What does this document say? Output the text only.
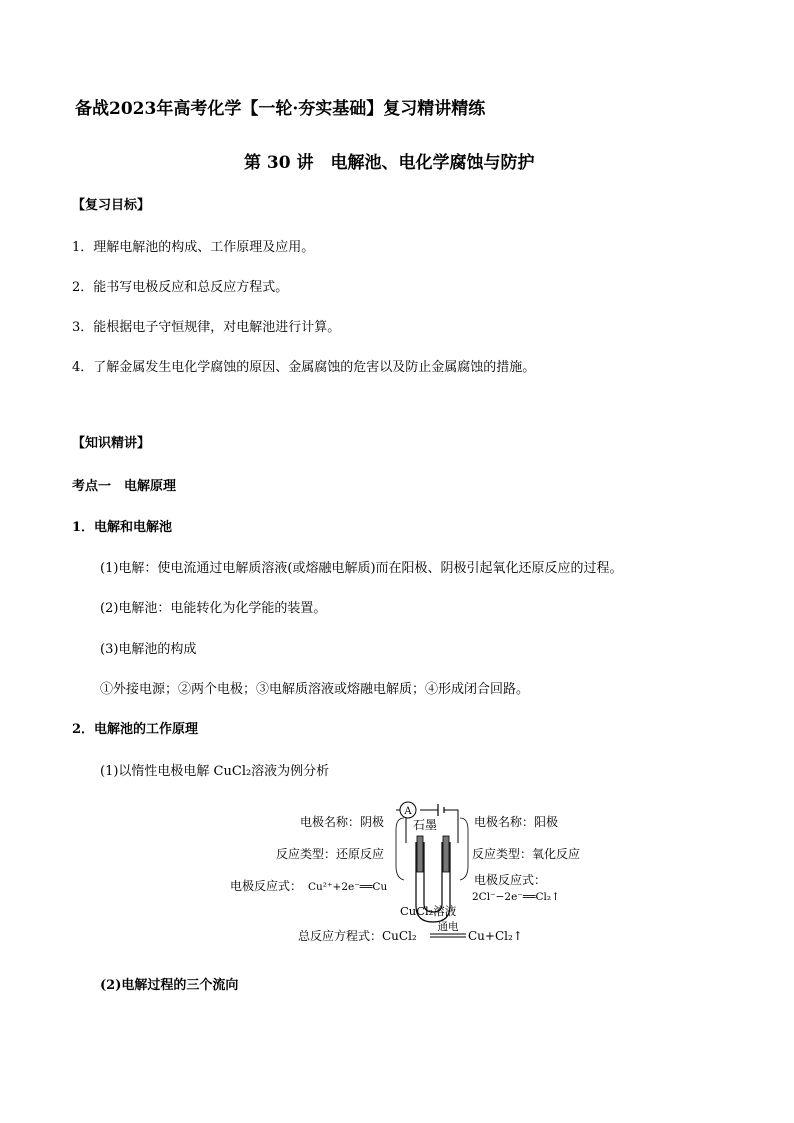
备战2023年高考化学【一轮·夯实基础】复习精讲精练
第 30 讲　电解池、电化学腐蚀与防护
【复习目标】
1．理解电解池的构成、工作原理及应用。
2．能书写电极反应和总反应方程式。
3．能根据电子守恒规律，对电解池进行计算。
4．了解金属发生电化学腐蚀的原因、金属腐蚀的危害以及防止金属腐蚀的措施。
【知识精讲】
考点一　电解原理
1．电解和电解池
(1)电解：使电流通过电解质溶液(或熔融电解质)而在阳极、阴极引起氧化还原反应的过程。
(2)电解池：电能转化为化学能的装置。
(3)电解池的构成
①外接电源；②两个电极；③电解质溶液或熔融电解质；④形成闭合回路。
2．电解池的工作原理
(1)以惰性电极电解 CuCl₂溶液为例分析
A
石墨
电极名称：阴极
反应类型：还原反应
电极反应式： Cu²⁺+2e⁻══Cu
电极名称：阳极
反应类型：氧化反应
电极反应式：
2Cl⁻−2e⁻══Cl₂↑
CuCl₂溶液
总反应方程式：CuCl₂
通电
Cu+Cl₂↑
(2)电解过程的三个流向
